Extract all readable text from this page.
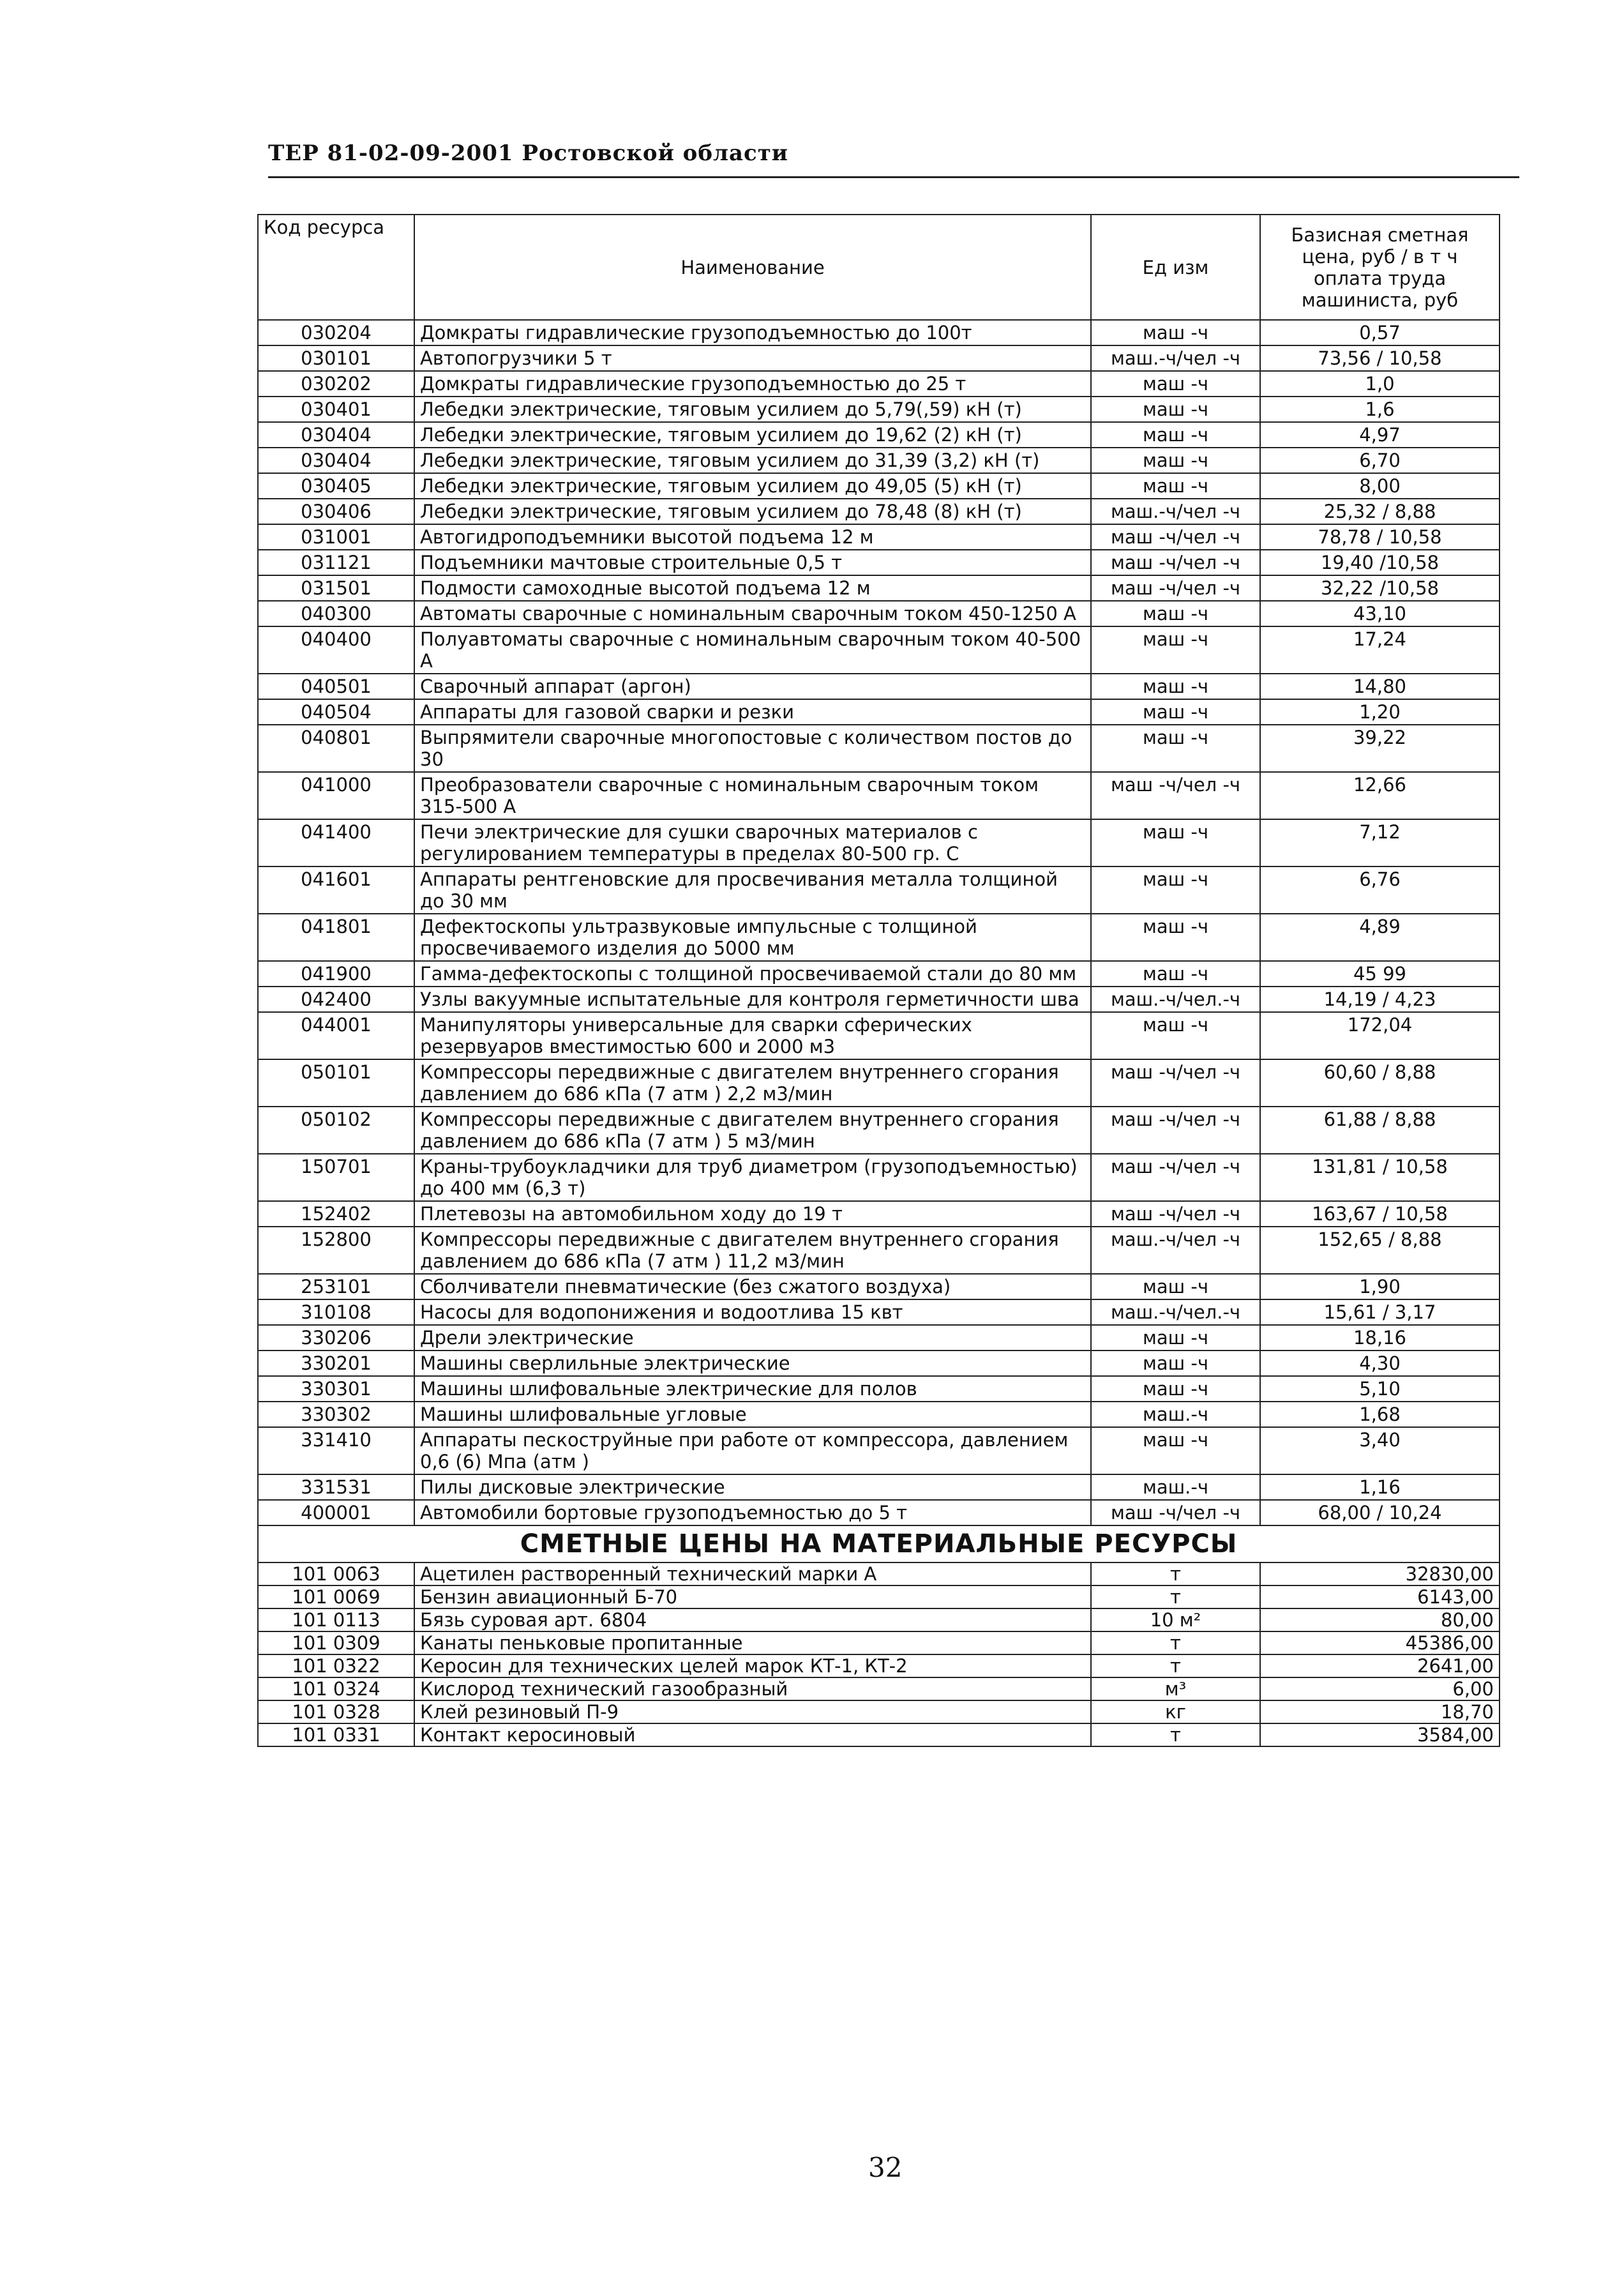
ТЕР 81-02-09-2001 Ростовской области
Код ресурса	Наименование	Ед изм	Базисная сметная цена, руб / в т ч оплата труда машиниста, руб
030204	Домкраты гидравлические грузоподъемностью до 100т	маш -ч	0,57
030101	Автопогрузчики 5 т	маш.-ч/чел -ч	73,56 / 10,58
030202	Домкраты гидравлические грузоподъемностью до 25 т	маш -ч	1,0
030401	Лебедки электрические, тяговым усилием до 5,79(,59) кН (т)	маш -ч	1,6
030404	Лебедки электрические, тяговым усилием до 19,62 (2) кН (т)	маш -ч	4,97
030404	Лебедки электрические, тяговым усилием до 31,39 (3,2) кН (т)	маш -ч	6,70
030405	Лебедки электрические, тяговым усилием до 49,05 (5) кН (т)	маш -ч	8,00
030406	Лебедки электрические, тяговым усилием до 78,48 (8) кН (т)	маш.-ч/чел -ч	25,32 / 8,88
031001	Автогидроподъемники высотой подъема 12 м	маш -ч/чел -ч	78,78 / 10,58
031121	Подъемники мачтовые строительные 0,5 т	маш -ч/чел -ч	19,40 /10,58
031501	Подмости самоходные высотой подъема 12 м	маш -ч/чел -ч	32,22 /10,58
040300	Автоматы сварочные с номинальным сварочным током 450-1250 А	маш -ч	43,10
040400	Полуавтоматы сварочные с номинальным сварочным током 40-500 А	маш -ч	17,24
040501	Сварочный аппарат (аргон)	маш -ч	14,80
040504	Аппараты для газовой сварки и резки	маш -ч	1,20
040801	Выпрямители сварочные многопостовые с количеством постов до 30	маш -ч	39,22
041000	Преобразователи сварочные с номинальным сварочным током 315-500 А	маш -ч/чел -ч	12,66
041400	Печи электрические для сушки сварочных материалов с регулированием температуры в пределах 80-500 гр. С	маш -ч	7,12
041601	Аппараты рентгеновские для просвечивания металла толщиной до 30 мм	маш -ч	6,76
041801	Дефектоскопы ультразвуковые импульсные с толщиной просвечиваемого изделия до 5000 мм	маш -ч	4,89
041900	Гамма-дефектоскопы с толщиной просвечиваемой стали до 80 мм	маш -ч	45 99
042400	Узлы вакуумные испытательные для контроля герметичности шва	маш.-ч/чел.-ч	14,19 / 4,23
044001	Манипуляторы универсальные для сварки сферических резервуаров вместимостью 600 и 2000 м3	маш -ч	172,04
050101	Компрессоры передвижные с двигателем внутреннего сгорания давлением до 686 кПа (7 атм ) 2,2 м3/мин	маш -ч/чел -ч	60,60 / 8,88
050102	Компрессоры передвижные с двигателем внутреннего сгорания давлением до 686 кПа (7 атм ) 5 м3/мин	маш -ч/чел -ч	61,88 / 8,88
150701	Краны-трубоукладчики для труб диаметром (грузоподъемностью) до 400 мм (6,3 т)	маш -ч/чел -ч	131,81 / 10,58
152402	Плетевозы на автомобильном ходу до 19 т	маш -ч/чел -ч	163,67 / 10,58
152800	Компрессоры передвижные с двигателем внутреннего сгорания давлением до 686 кПа (7 атм ) 11,2 м3/мин	маш.-ч/чел -ч	152,65 / 8,88
253101	Сболчиватели пневматические (без сжатого воздуха)	маш -ч	1,90
310108	Насосы для водопонижения и водоотлива 15 квт	маш.-ч/чел.-ч	15,61 / 3,17
330206	Дрели электрические	маш -ч	18,16
330201	Машины сверлильные электрические	маш -ч	4,30
330301	Машины шлифовальные электрические для полов	маш -ч	5,10
330302	Машины шлифовальные угловые	маш.-ч	1,68
331410	Аппараты пескоструйные при работе от компрессора, давлением 0,6 (6) Мпа (атм )	маш -ч	3,40
331531	Пилы дисковые электрические	маш.-ч	1,16
400001	Автомобили бортовые грузоподъемностью до 5 т	маш -ч/чел -ч	68,00 / 10,24
СМЕТНЫЕ ЦЕНЫ НА МАТЕРИАЛЬНЫЕ РЕСУРСЫ			
101 0063	Ацетилен растворенный технический марки А	т	32830,00
101 0069	Бензин авиационный Б-70	т	6143,00
101 0113	Бязь суровая арт. 6804	10 м²	80,00
101 0309	Канаты пеньковые пропитанные	т	45386,00
101 0322	Керосин для технических целей марок КТ-1, КТ-2	т	2641,00
101 0324	Кислород технический газообразный	м³	6,00
101 0328	Клей резиновый П-9	кг	18,70
101 0331	Контакт керосиновый	т	3584,00
32
